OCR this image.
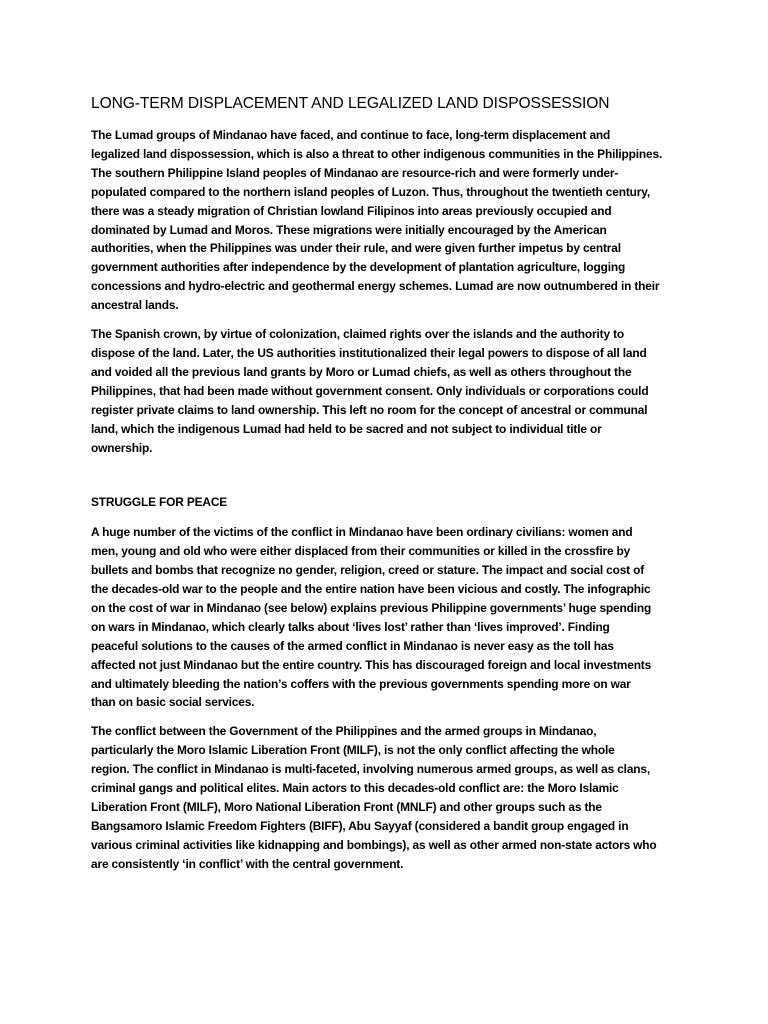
LONG-TERM DISPLACEMENT AND LEGALIZED LAND DISPOSSESSION

The Lumad groups of Mindanao have faced, and continue to face, long-term displacement and
legalized land dispossession, which is also a threat to other indigenous communities in the Philippines.
The southern Philippine Island peoples of Mindanao are resource-rich and were formerly under-
populated compared to the northern island peoples of Luzon. Thus, throughout the twentieth century,
there was a steady migration of Christian lowland Filipinos into areas previously occupied and
dominated by Lumad and Moros. These migrations were initially encouraged by the American
authorities, when the Philippines was under their rule, and were given further impetus by central
government authorities after independence by the development of plantation agriculture, logging
concessions and hydro-electric and geothermal energy schemes. Lumad are now outnumbered in their
ancestral lands.

The Spanish crown, by virtue of colonization, claimed rights over the islands and the authority to
dispose of the land. Later, the US authorities institutionalized their legal powers to dispose of all land
and voided all the previous land grants by Moro or Lumad chiefs, as well as others throughout the
Philippines, that had been made without government consent. Only individuals or corporations could
register private claims to land ownership. This left no room for the concept of ancestral or communal
land, which the indigenous Lumad had held to be sacred and not subject to individual title or
ownership.

STRUGGLE FOR PEACE

A huge number of the victims of the conflict in Mindanao have been ordinary civilians: women and
men, young and old who were either displaced from their communities or killed in the crossfire by
bullets and bombs that recognize no gender, religion, creed or stature. The impact and social cost of
the decades-old war to the people and the entire nation have been vicious and costly. The infographic
on the cost of war in Mindanao (see below) explains previous Philippine governments’ huge spending
on wars in Mindanao, which clearly talks about ‘lives lost’ rather than ‘lives improved’. Finding
peaceful solutions to the causes of the armed conflict in Mindanao is never easy as the toll has
affected not just Mindanao but the entire country. This has discouraged foreign and local investments
and ultimately bleeding the nation’s coffers with the previous governments spending more on war
than on basic social services.

The conflict between the Government of the Philippines and the armed groups in Mindanao,
particularly the Moro Islamic Liberation Front (MILF), is not the only conflict affecting the whole
region. The conflict in Mindanao is multi-faceted, involving numerous armed groups, as well as clans,
criminal gangs and political elites. Main actors to this decades-old conflict are: the Moro Islamic
Liberation Front (MILF), Moro National Liberation Front (MNLF) and other groups such as the
Bangsamoro Islamic Freedom Fighters (BIFF), Abu Sayyaf (considered a bandit group engaged in
various criminal activities like kidnapping and bombings), as well as other armed non-state actors who
are consistently ‘in conflict’ with the central government.
